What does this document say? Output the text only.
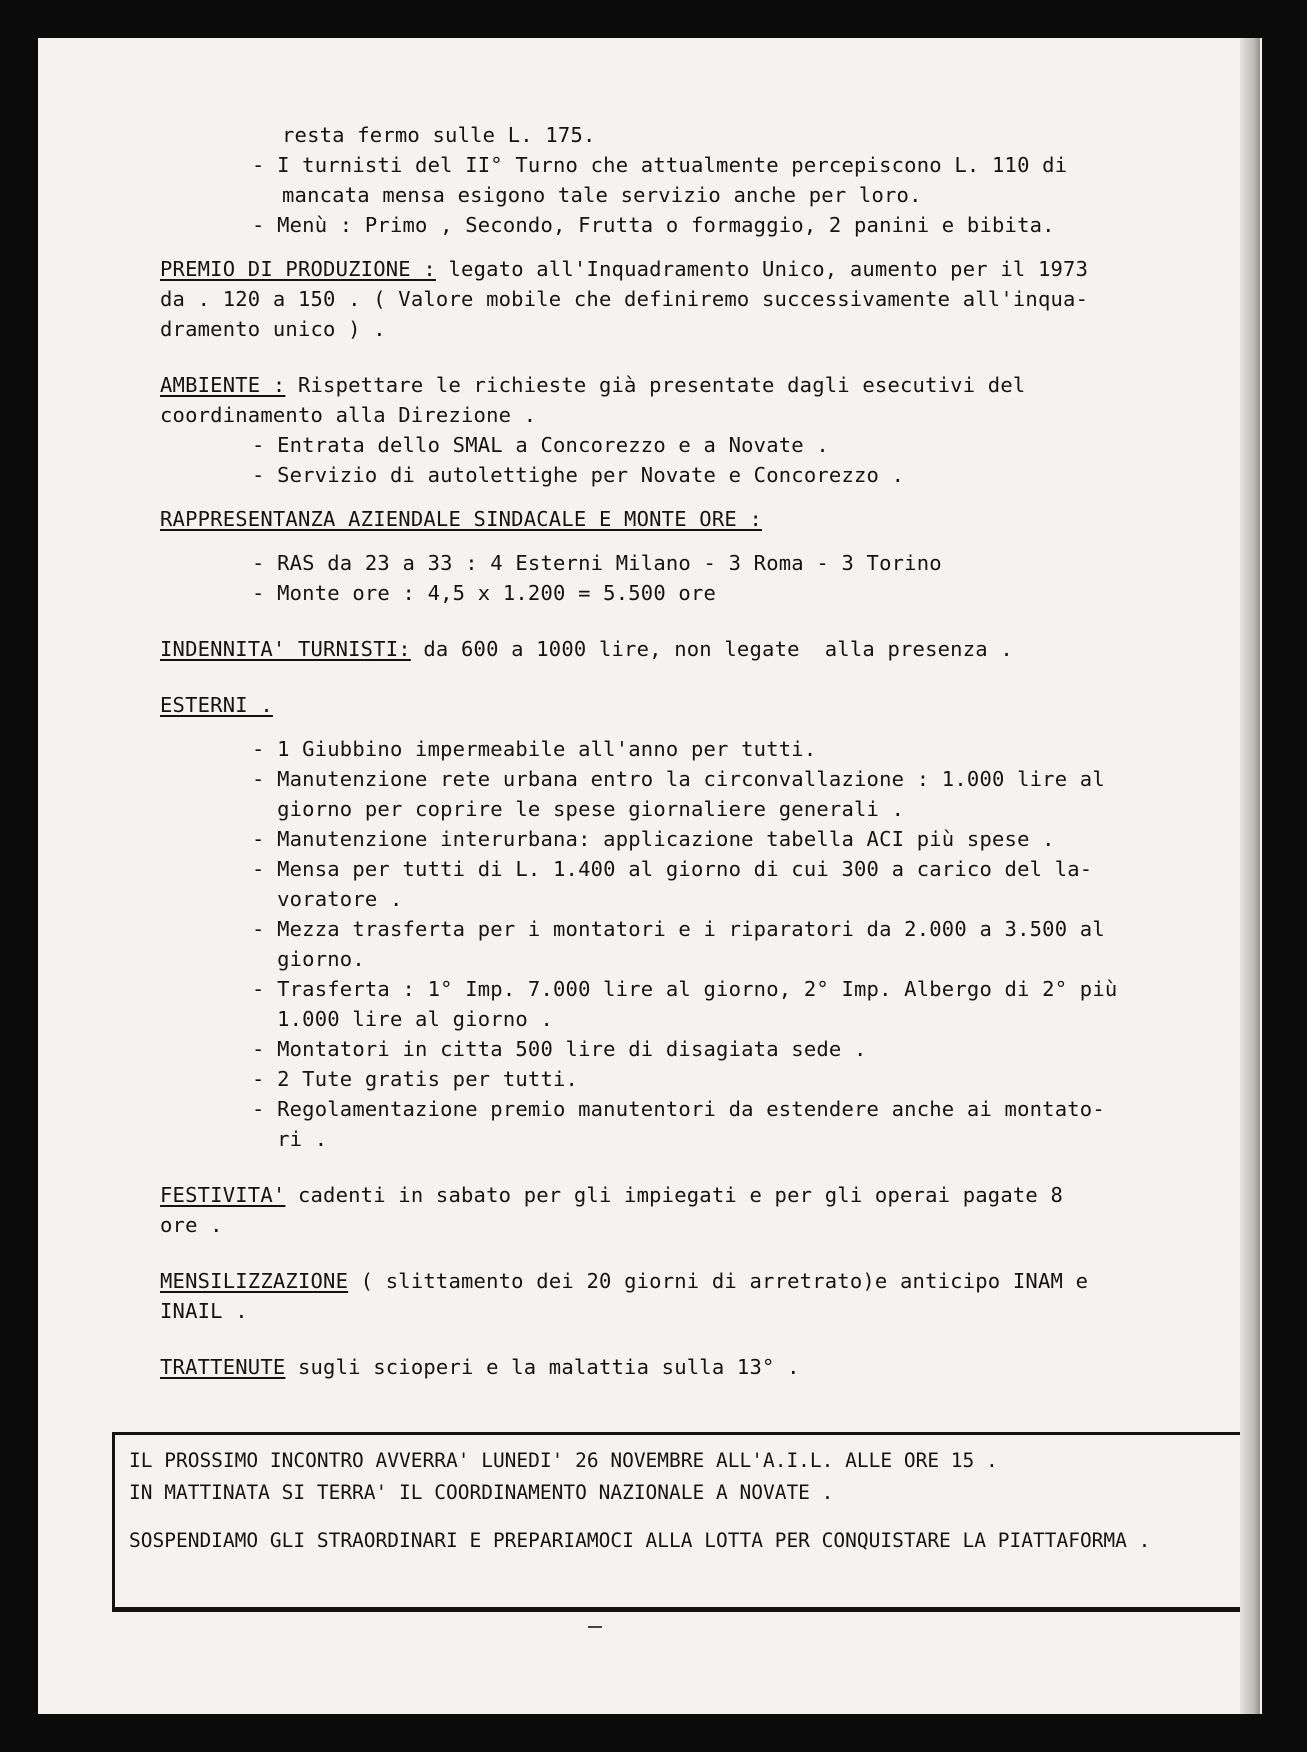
resta fermo sulle L. 175.
- I turnisti del II° Turno che attualmente percepiscono L. 110 di
mancata mensa esigono tale servizio anche per loro.
- Menù : Primo , Secondo, Frutta o formaggio, 2 panini e bibita.
PREMIO DI PRODUZIONE : legato all'Inquadramento Unico, aumento per il 1973
da . 120 a 150 . ( Valore mobile che definiremo successivamente all'inqua-
dramento unico ) .
AMBIENTE : Rispettare le richieste già presentate dagli esecutivi del
coordinamento alla Direzione .
- Entrata dello SMAL a Concorezzo e a Novate .
- Servizio di autolettighe per Novate e Concorezzo .
RAPPRESENTANZA AZIENDALE SINDACALE E MONTE ORE :
- RAS da 23 a 33 : 4 Esterni Milano - 3 Roma - 3 Torino
- Monte ore : 4,5 x 1.200 = 5.500 ore
INDENNITA' TURNISTI: da 600 a 1000 lire, non legate  alla presenza .
ESTERNI .
- 1 Giubbino impermeabile all'anno per tutti.
- Manutenzione rete urbana entro la circonvallazione : 1.000 lire al
giorno per coprire le spese giornaliere generali .
- Manutenzione interurbana: applicazione tabella ACI più spese .
- Mensa per tutti di L. 1.400 al giorno di cui 300 a carico del la-
voratore .
- Mezza trasferta per i montatori e i riparatori da 2.000 a 3.500 al
giorno.
- Trasferta : 1° Imp. 7.000 lire al giorno, 2° Imp. Albergo di 2° più
1.000 lire al giorno .
- Montatori in citta 500 lire di disagiata sede .
- 2 Tute gratis per tutti.
- Regolamentazione premio manutentori da estendere anche ai montato-
ri .
FESTIVITA' cadenti in sabato per gli impiegati e per gli operai pagate 8
ore .
MENSILIZZAZIONE ( slittamento dei 20 giorni di arretrato)e anticipo INAM e
INAIL .
TRATTENUTE sugli scioperi e la malattia sulla 13° .
IL PROSSIMO INCONTRO AVVERRA' LUNEDI' 26 NOVEMBRE ALL'A.I.L. ALLE ORE 15 .
IN MATTINATA SI TERRA' IL COORDINAMENTO NAZIONALE A NOVATE .
SOSPENDIAMO GLI STRAORDINARI E PREPARIAMOCI ALLA LOTTA PER CONQUISTARE LA PIATTAFORMA .
